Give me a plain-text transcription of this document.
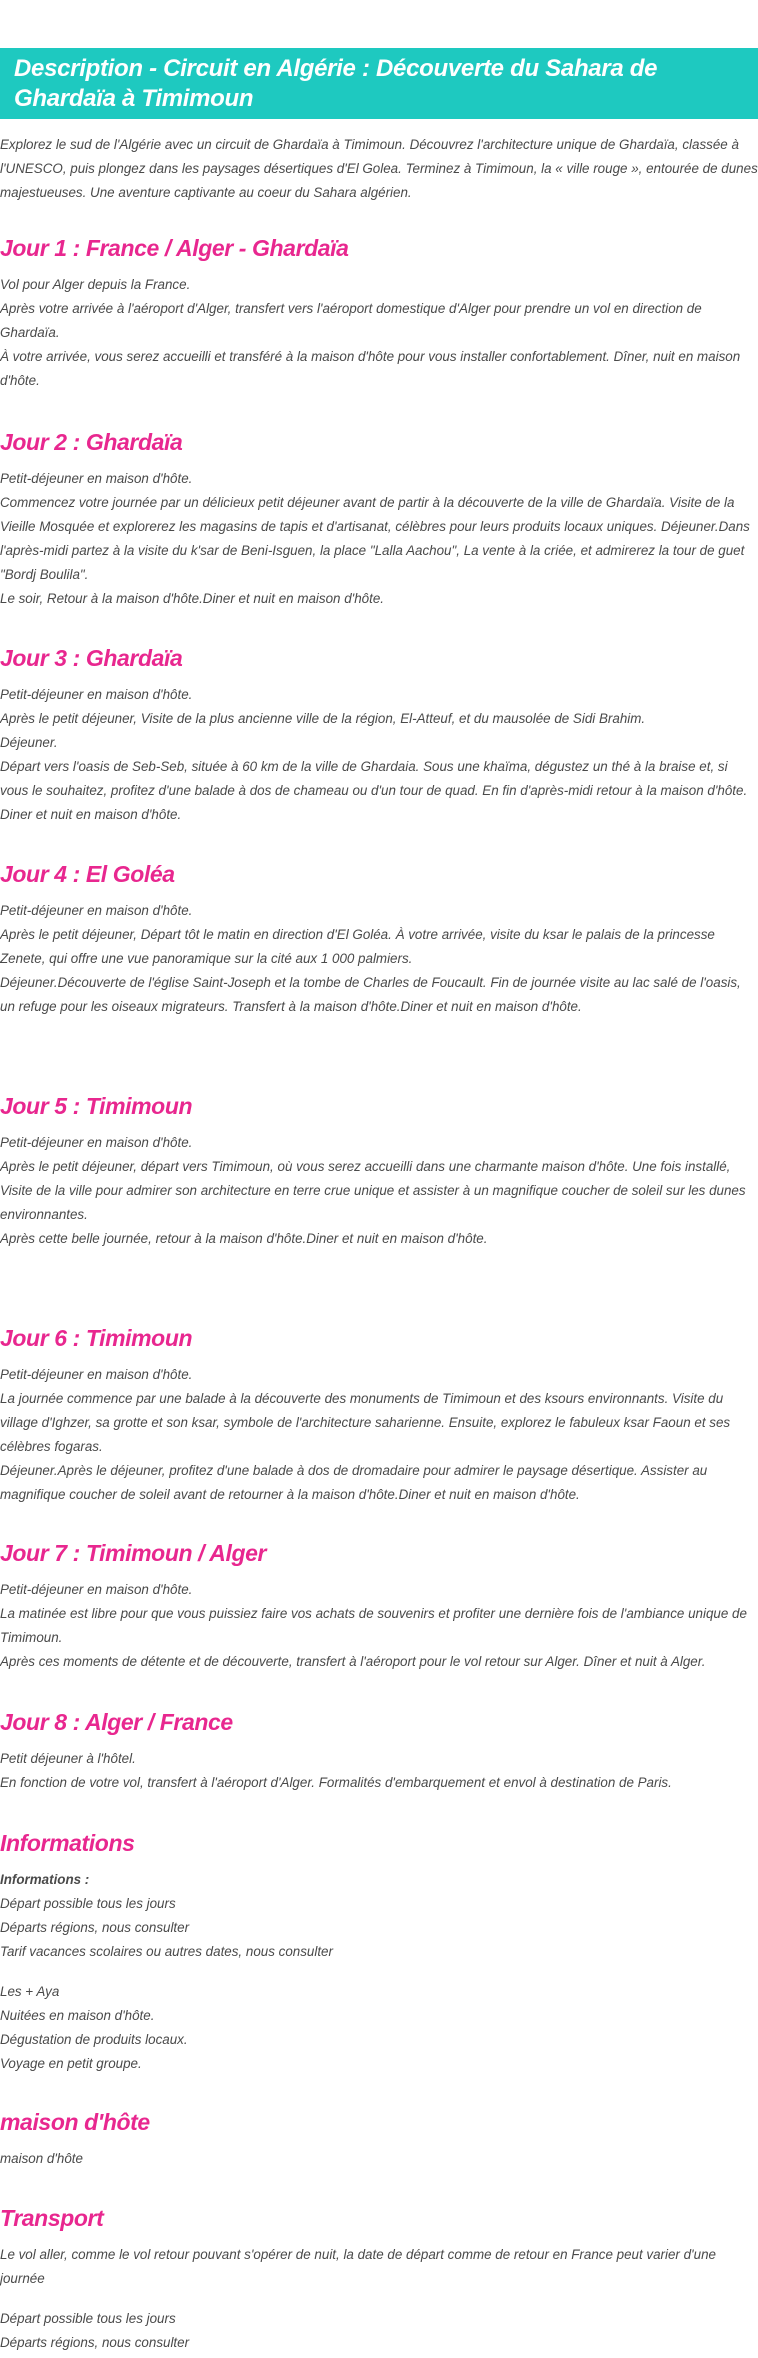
Description - Circuit en Algérie : Découverte du Sahara de Ghardaïa à Timimoun

Explorez le sud de l'Algérie avec un circuit de Ghardaïa à Timimoun. Découvrez l'architecture unique de Ghardaïa, classée à l'UNESCO, puis plongez dans les paysages désertiques d'El Golea. Terminez à Timimoun, la « ville rouge », entourée de dunes majestueuses. Une aventure captivante au coeur du Sahara algérien.

Jour 1 : France / Alger - Ghardaïa

Vol pour Alger depuis la France.

Après votre arrivée à l'aéroport d'Alger, transfert vers l'aéroport domestique d'Alger pour prendre un vol en direction de Ghardaïa.

À votre arrivée, vous serez accueilli et transféré à la maison d'hôte pour vous installer confortablement. Dîner, nuit en maison d'hôte.

Jour 2 : Ghardaïa

Petit-déjeuner en maison d'hôte.

Commencez votre journée par un délicieux petit déjeuner avant de partir à la découverte de la ville de Ghardaïa. Visite de la Vieille Mosquée et explorerez les magasins de tapis et d'artisanat, célèbres pour leurs produits locaux uniques. Déjeuner.Dans l'après-midi partez à la visite du k'sar de Beni-Isguen, la place "Lalla Aachou", La vente à la criée, et admirerez la tour de guet "Bordj Boulila".

Le soir, Retour à la maison d'hôte.Diner et nuit en maison d'hôte.

Jour 3 : Ghardaïa

Petit-déjeuner en maison d'hôte.

Après le petit déjeuner, Visite de la plus ancienne ville de la région, El-Atteuf, et du mausolée de Sidi Brahim.

Déjeuner.

Départ vers l'oasis de Seb-Seb, située à 60 km de la ville de Ghardaia. Sous une khaïma, dégustez un thé à la braise et, si vous le souhaitez, profitez d'une balade à dos de chameau ou d'un tour de quad. En fin d'après-midi retour à la maison d'hôte. Diner et nuit en maison d'hôte.

Jour 4 : El Goléa

Petit-déjeuner en maison d'hôte.

Après le petit déjeuner, Départ tôt le matin en direction d'El Goléa. À votre arrivée, visite du ksar le palais de la princesse Zenete, qui offre une vue panoramique sur la cité aux 1 000 palmiers.

Déjeuner.Découverte de l'église Saint-Joseph et la tombe de Charles de Foucault. Fin de journée visite au lac salé de l'oasis, un refuge pour les oiseaux migrateurs. Transfert à la maison d'hôte.Diner et nuit en maison d'hôte.

Jour 5 : Timimoun

Petit-déjeuner en maison d'hôte.

Après le petit déjeuner, départ vers Timimoun, où vous serez accueilli dans une charmante maison d'hôte. Une fois installé, Visite de la ville pour admirer son architecture en terre crue unique et assister à un magnifique coucher de soleil sur les dunes environnantes.

Après cette belle journée, retour à la maison d'hôte.Diner et nuit en maison d'hôte.

Jour 6 : Timimoun

Petit-déjeuner en maison d'hôte.

La journée commence par une balade à la découverte des monuments de Timimoun et des ksours environnants. Visite du village d'Ighzer, sa grotte et son ksar, symbole de l'architecture saharienne. Ensuite, explorez le fabuleux ksar Faoun et ses célèbres fogaras.

Déjeuner.Après le déjeuner, profitez d'une balade à dos de dromadaire pour admirer le paysage désertique. Assister au magnifique coucher de soleil avant de retourner à la maison d'hôte.Diner et nuit en maison d'hôte.

Jour 7 : Timimoun / Alger

Petit-déjeuner en maison d'hôte.

La matinée est libre pour que vous puissiez faire vos achats de souvenirs et profiter une dernière fois de l'ambiance unique de Timimoun.

Après ces moments de détente et de découverte, transfert à l'aéroport pour le vol retour sur Alger. Dîner et nuit à Alger.

Jour 8 : Alger / France

Petit déjeuner à l'hôtel.

En fonction de votre vol, transfert à l'aéroport d'Alger. Formalités d'embarquement et envol à destination de Paris.

Informations

Informations :

Départ possible tous les jours

Départs régions, nous consulter

Tarif vacances scolaires ou autres dates, nous consulter

Les + Aya

Nuitées en maison d'hôte.

Dégustation de produits locaux.

Voyage en petit groupe.

maison d'hôte

maison d'hôte

Transport

Le vol aller, comme le vol retour pouvant s'opérer de nuit, la date de départ comme de retour en France peut varier d'une journée

Départ possible tous les jours

Départs régions, nous consulter
